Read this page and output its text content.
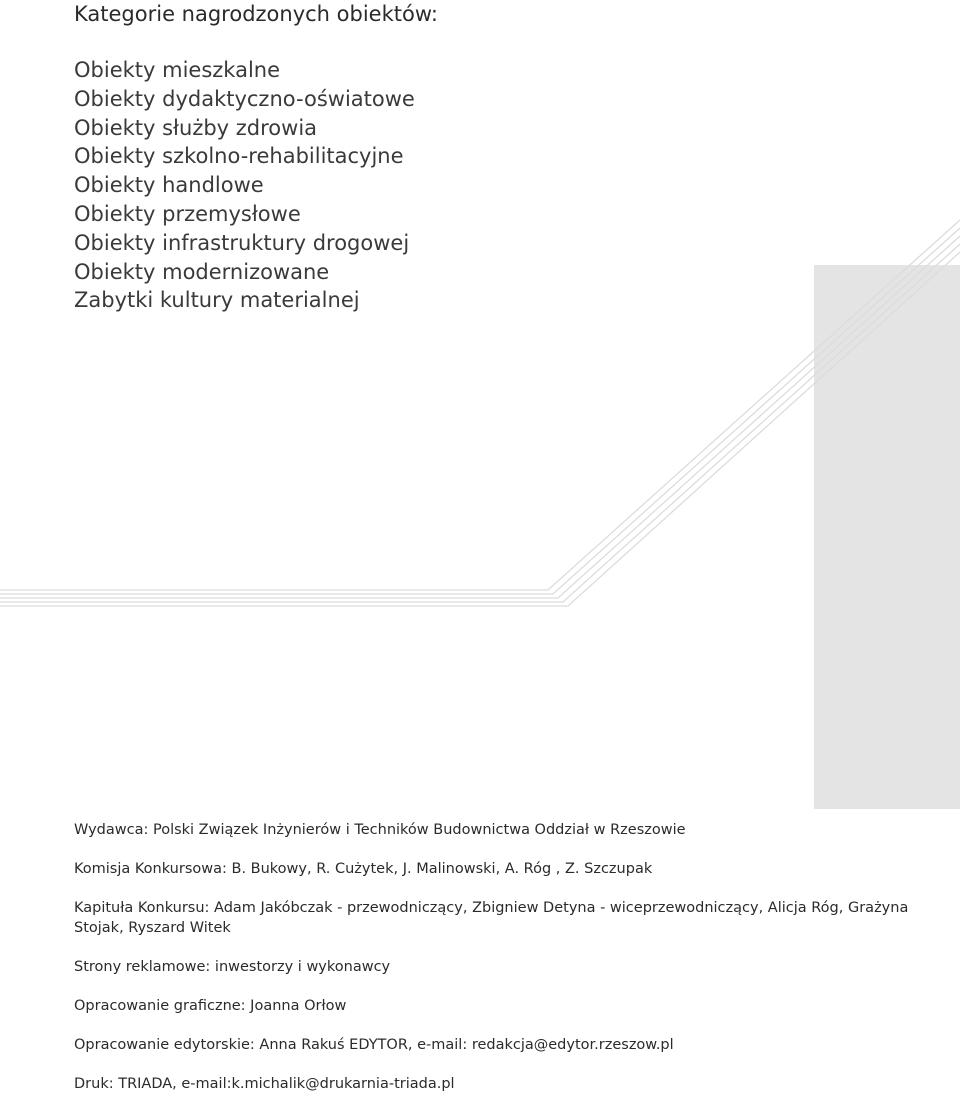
Kategorie nagrodzonych obiektów:
Obiekty mieszkalne
Obiekty dydaktyczno-oświatowe
Obiekty służby zdrowia
Obiekty szkolno-rehabilitacyjne
Obiekty handlowe
Obiekty przemysłowe
Obiekty infrastruktury drogowej
Obiekty modernizowane
Zabytki kultury materialnej

Wydawca: Polski Związek Inżynierów i Techników Budownictwa Oddział w Rzeszowie

Komisja Konkursowa: B. Bukowy, R. Cużytek, J. Malinowski, A. Róg , Z. Szczupak

Kapituła Konkursu: Adam Jakóbczak - przewodniczący, Zbigniew Detyna - wiceprzewodniczący, Alicja Róg, Grażyna Stojak, Ryszard Witek

Strony reklamowe: inwestorzy i wykonawcy

Opracowanie graficzne: Joanna Orłow

Opracowanie edytorskie: Anna Rakuś EDYTOR, e-mail: redakcja@edytor.rzeszow.pl

Druk: TRIADA, e-mail:k.michalik@drukarnia-triada.pl
